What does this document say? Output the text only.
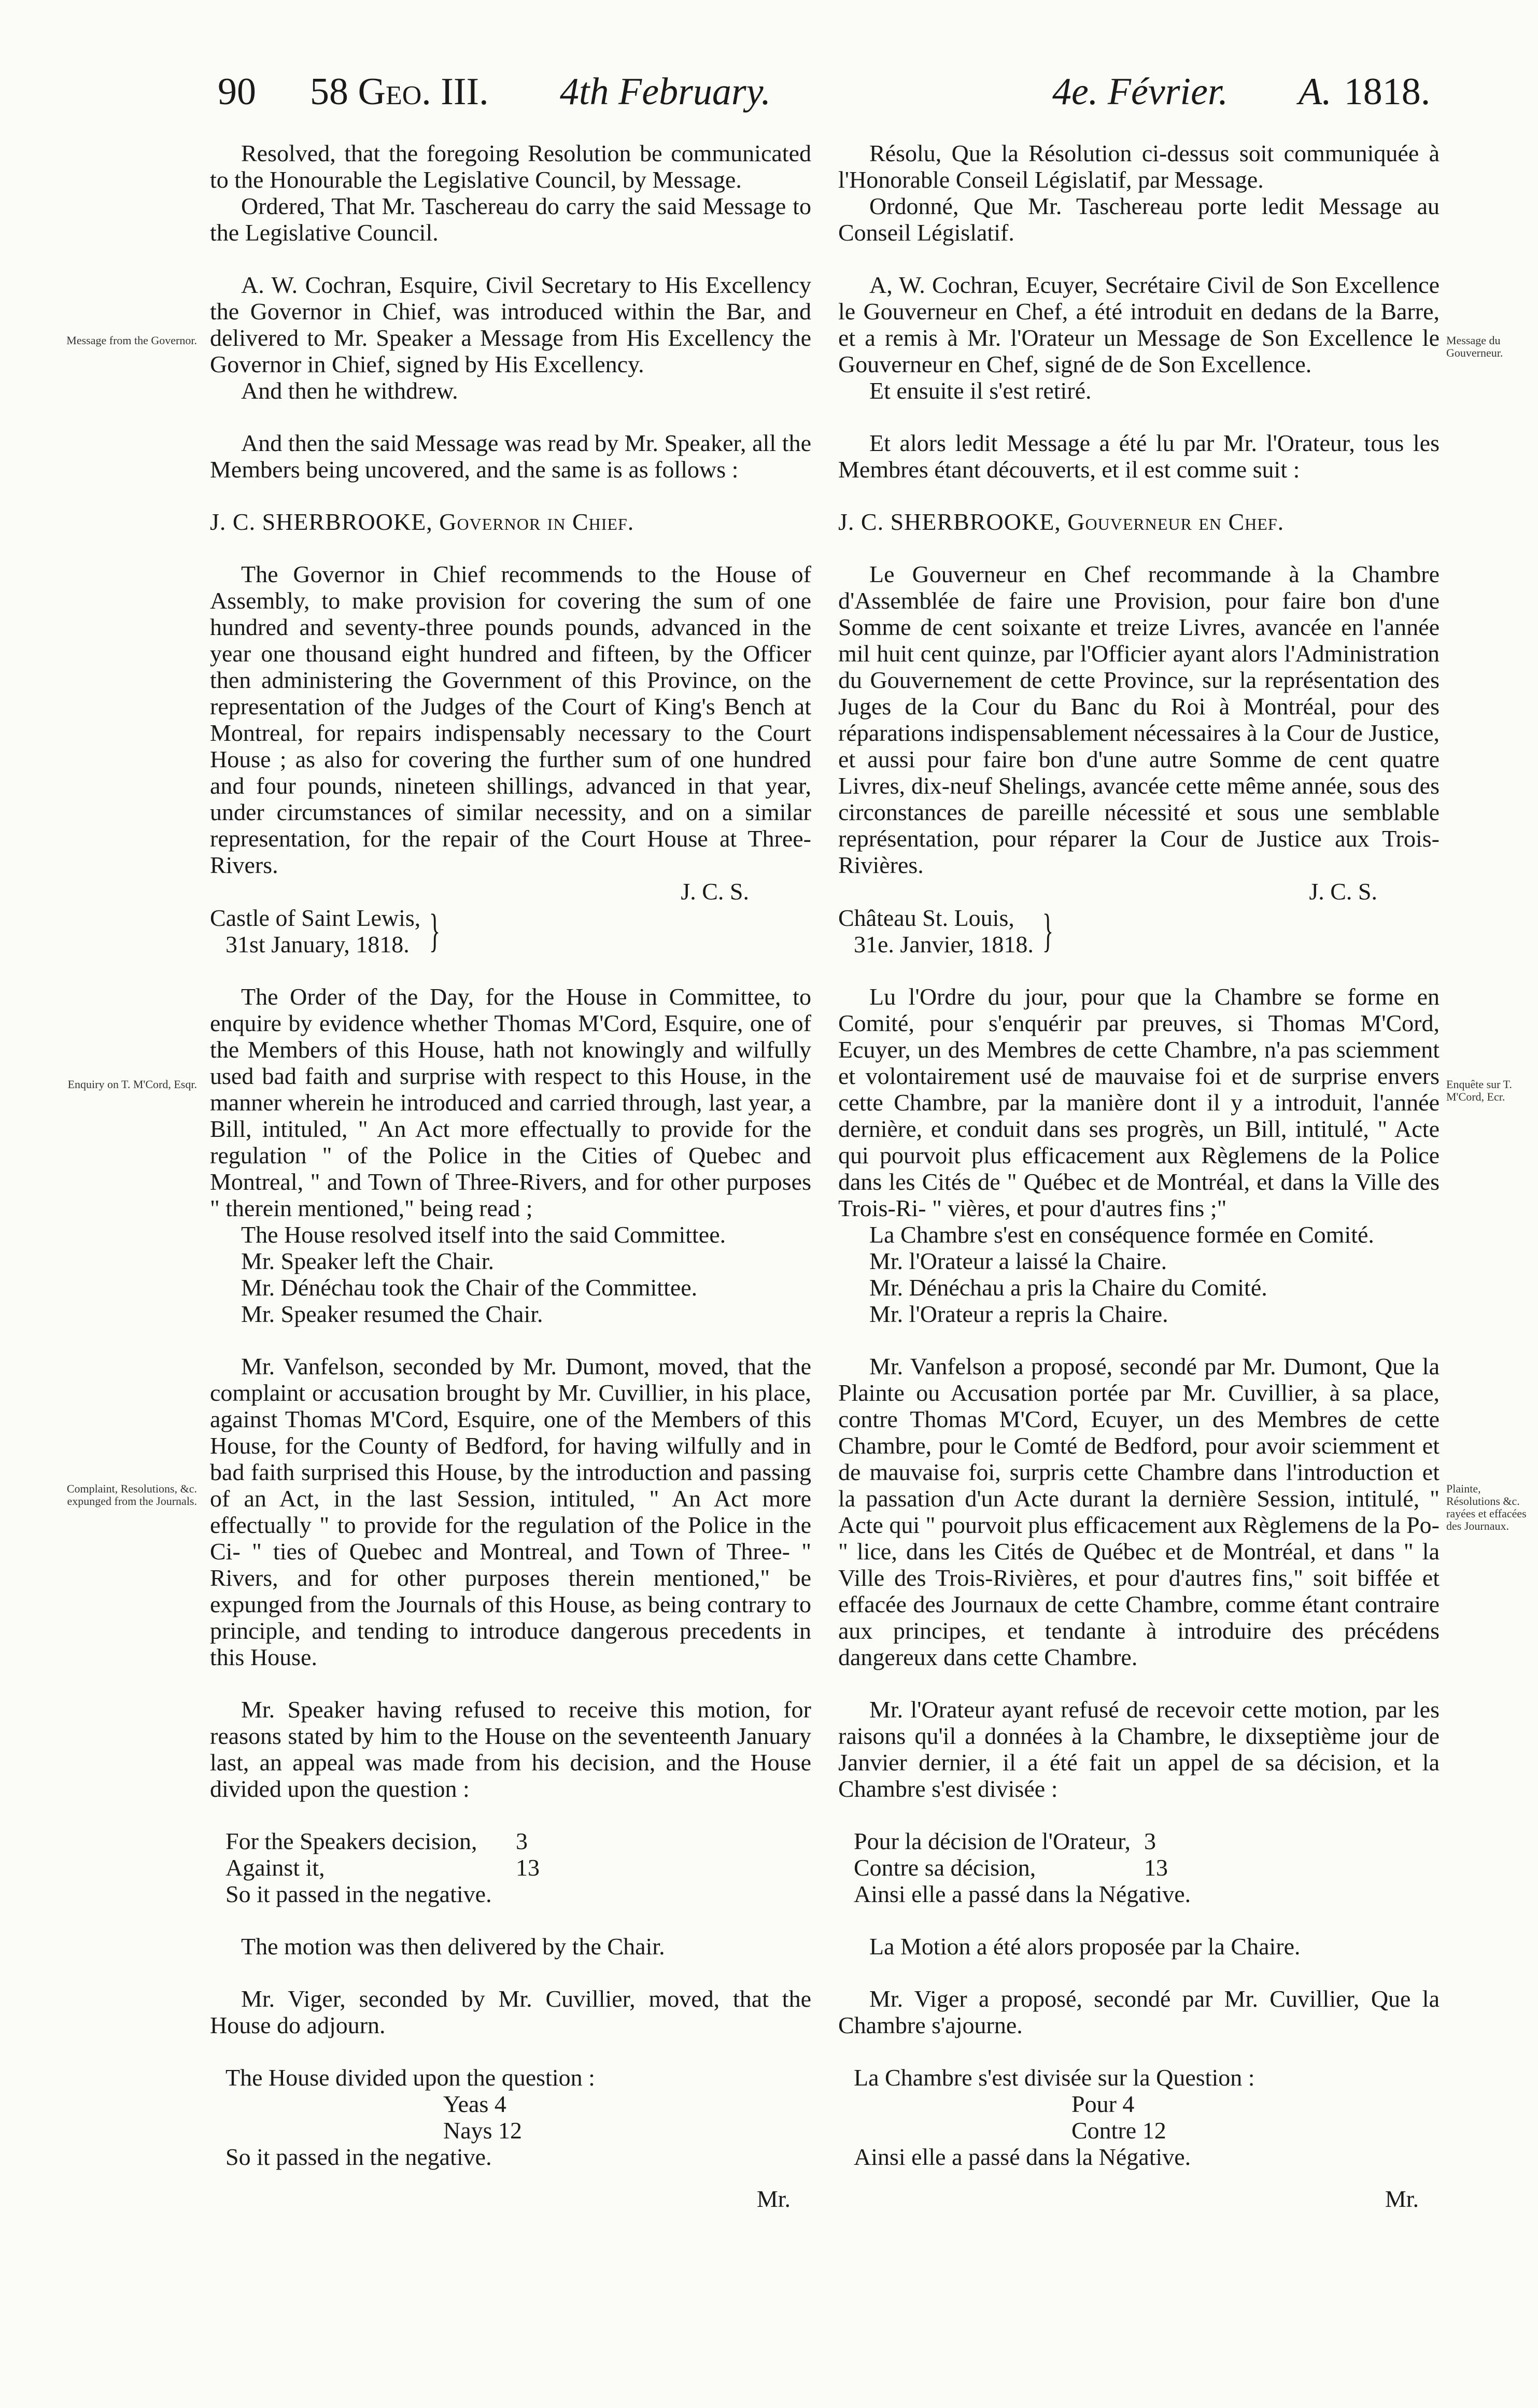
90 58 Geo. III. 4th February.	4e. Février. A. 1818.
Message from the Governor.	Message du Gouverneur.
Enquiry on T. M'Cord, Esqr.	Enquête sur T. M'Cord, Ecr.
Complaint, Resolutions, &c. expunged from the Journals.
Plainte, Résolutions &c. rayées et effacées des Journaux.

Resolved, that the foregoing Resolution be communicated to the Honourable the Legislative Council, by Message.

Ordered, That Mr. Taschereau do carry the said Message to the Legislative Council.

A. W. Cochran, Esquire, Civil Secretary to His Excellency the Governor in Chief, was introduced within the Bar, and delivered to Mr. Speaker a Message from His Excellency the Governor in Chief, signed by His Excellency.

And then he withdrew.

And then the said Message was read by Mr. Speaker, all the Members being uncovered, and the same is as follows :

J. C. SHERBROOKE, Governor in Chief.

The Governor in Chief recommends to the House of Assembly, to make provision for covering the sum of one hundred and seventy-three pounds pounds, advanced in the year one thousand eight hundred and fifteen, by the Officer then administering the Government of this Province, on the representation of the Judges of the Court of King's Bench at Montreal, for repairs indispensably necessary to the Court House ; as also for covering the further sum of one hundred and four pounds, nineteen shillings, advanced in that year, under circumstances of similar necessity, and on a similar representation, for the repair of the Court House at Three-Rivers.

J. C. S.

Castle of Saint Lewis,
31st January, 1818. }

The Order of the Day, for the House in Committee, to enquire by evidence whether Thomas M'Cord, Esquire, one of the Members of this House, hath not knowingly and wilfully used bad faith and surprise with respect to this House, in the manner wherein he introduced and carried through, last year, a Bill, intituled, " An Act more effectually to provide for the regulation " of the Police in the Cities of Quebec and Montreal, " and Town of Three-Rivers, and for other purposes " therein mentioned," being read ;

The House resolved itself into the said Committee.

Mr. Speaker left the Chair.

Mr. Dénéchau took the Chair of the Committee.

Mr. Speaker resumed the Chair.

Mr. Vanfelson, seconded by Mr. Dumont, moved, that the complaint or accusation brought by Mr. Cuvillier, in his place, against Thomas M'Cord, Esquire, one of the Members of this House, for the County of Bedford, for having wilfully and in bad faith surprised this House, by the introduction and passing of an Act, in the last Session, intituled, " An Act more effectually " to provide for the regulation of the Police in the Ci- " ties of Quebec and Montreal, and Town of Three- " Rivers, and for other purposes therein mentioned," be expunged from the Journals of this House, as being contrary to principle, and tending to introduce dangerous precedents in this House.

Mr. Speaker having refused to receive this motion, for reasons stated by him to the House on the seventeenth January last, an appeal was made from his decision, and the House divided upon the question :

For the Speakers decision,	3
Against it,	13
So it passed in the negative.

The motion was then delivered by the Chair.

Mr. Viger, seconded by Mr. Cuvillier, moved, that the House do adjourn.

The House divided upon the question :
Yeas 4
Nays 12
So it passed in the negative.
Mr.

Résolu, Que la Résolution ci-dessus soit communiquée à l'Honorable Conseil Législatif, par Message.

Ordonné, Que Mr. Taschereau porte ledit Message au Conseil Législatif.

A, W. Cochran, Ecuyer, Secrétaire Civil de Son Excellence le Gouverneur en Chef, a été introduit en dedans de la Barre, et a remis à Mr. l'Orateur un Message de Son Excellence le Gouverneur en Chef, signé de de Son Excellence.

Et ensuite il s'est retiré.

Et alors ledit Message a été lu par Mr. l'Orateur, tous les Membres étant découverts, et il est comme suit :

J. C. SHERBROOKE, Gouverneur en Chef.

Le Gouverneur en Chef recommande à la Chambre d'Assemblée de faire une Provision, pour faire bon d'une Somme de cent soixante et treize Livres, avancée en l'année mil huit cent quinze, par l'Officier ayant alors l'Administration du Gouvernement de cette Province, sur la représentation des Juges de la Cour du Banc du Roi à Montréal, pour des réparations indispensablement nécessaires à la Cour de Justice, et aussi pour faire bon d'une autre Somme de cent quatre Livres, dix-neuf Shelings, avancée cette même année, sous des circonstances de pareille nécessité et sous une semblable représentation, pour réparer la Cour de Justice aux Trois-Rivières.

J. C. S.

Château St. Louis,
31e. Janvier, 1818. }

Lu l'Ordre du jour, pour que la Chambre se forme en Comité, pour s'enquérir par preuves, si Thomas M'Cord, Ecuyer, un des Membres de cette Chambre, n'a pas sciemment et volontairement usé de mauvaise foi et de surprise envers cette Chambre, par la manière dont il y a introduit, l'année dernière, et conduit dans ses progrès, un Bill, intitulé, " Acte qui pourvoit plus efficacement aux Règlemens de la Police dans les Cités de " Québec et de Montréal, et dans la Ville des Trois-Ri- " vières, et pour d'autres fins ;"

La Chambre s'est en conséquence formée en Comité.

Mr. l'Orateur a laissé la Chaire.

Mr. Dénéchau a pris la Chaire du Comité.

Mr. l'Orateur a repris la Chaire.

Mr. Vanfelson a proposé, secondé par Mr. Dumont, Que la Plainte ou Accusation portée par Mr. Cuvillier, à sa place, contre Thomas M'Cord, Ecuyer, un des Membres de cette Chambre, pour le Comté de Bedford, pour avoir sciemment et de mauvaise foi, surpris cette Chambre dans l'introduction et la passation d'un Acte durant la dernière Session, intitulé, " Acte qui " pourvoit plus efficacement aux Règlemens de la Po- " lice, dans les Cités de Québec et de Montréal, et dans " la Ville des Trois-Rivières, et pour d'autres fins," soit biffée et effacée des Journaux de cette Chambre, comme étant contraire aux principes, et tendante à introduire des précédens dangereux dans cette Chambre.

Mr. l'Orateur ayant refusé de recevoir cette motion, par les raisons qu'il a données à la Chambre, le dixseptième jour de Janvier dernier, il a été fait un appel de sa décision, et la Chambre s'est divisée :

Pour la décision de l'Orateur, 3
Contre sa décision,	13
Ainsi elle a passé dans la Négative.

La Motion a été alors proposée par la Chaire.

Mr. Viger a proposé, secondé par Mr. Cuvillier, Que la Chambre s'ajourne.

La Chambre s'est divisée sur la Question :
Pour 4
Contre 12
Ainsi elle a passé dans la Négative.
Mr.
